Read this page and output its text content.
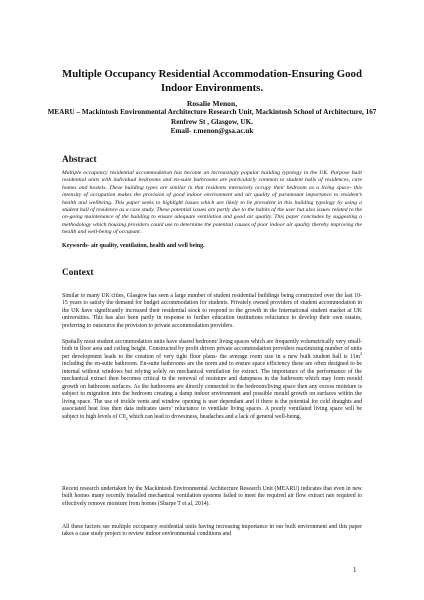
Multiple Occupancy Residential Accommodation-Ensuring Good Indoor Environments.
Rosalie Menon,
MEARU – Mackintosh Environmental Architecture Research Unit, Mackintosh School of Architecture, 167 Renfrew St , Glasgow, UK.
Email- r.menon@gsa.ac.uk
Abstract
Multiple occupancy residential accommodation has become an increasingly popular building typology in the UK. Purpose built residential units with individual bedrooms and en-suite bathrooms are particularly common to student halls of residences, care homes and hostels. These building types are similar in that residents intensively occupy their bedroom as a living space- this intensity of occupation makes the provision of good indoor environment and air quality of paramount importance to resident’s health and wellbeing. This paper seeks to highlight issues which are likely to be prevalent in this building typology by using a student hall of residence as a case study. These potential issues are partly due to the habits of the user but also issues related to the on-going maintenance of the building to ensure adequate ventilation and good air quality. This paper concludes by suggesting a methodology which housing providers could use to determine the potential causes of poor indoor air quality thereby improving the health and well-being of occupant.
Keywords- air quality, ventilation, health and well being.
Context
Similar to many UK cities, Glasgow has seen a large number of student residential buildings being constructed over the last 10-15 years to satisfy the demand for budget accommodation for students. Privately owned providers of student accommodation in the UK have significantly increased their residential stock to respond to the growth in the International student market at UK universities. This has also been partly in response to further education institutions reluctance to develop their own estates, preferring to outsource the provision to private accommodation providers.
Spatially most student accommodation units have shared bedroom/ living spaces which are frequently volumetrically very small- both in floor area and ceiling height. Constructed by profit driven private accommodation providers maximising number of units per development leads to the creation of very tight floor plans- the average room size in a new built student hall is $11m^2$ including the en-suite bathroom. En-suite bathrooms are the norm and to ensure space efficiency these are often designed to be internal without windows but relying solely on mechanical ventilation for extract. The importance of the performance of the mechanical extract then becomes critical in the removal of moisture and dampness in the bathroom which may form mould growth on bathroom surfaces. As the bathrooms are directly connected to the bedroom/living space then any excess moisture is subject to migration into the bedroom creating a damp indoor environment and possible mould growth on surfaces within the living space. The use of trickle vents and window opening is user dependant and if there is the potential for cold draughts and associated heat loss then data indicates users’ reluctance to ventilate living spaces. A poorly ventilated living space will be subject to high levels of $C0_2$ which can lead to drowsiness, headaches and a lack of general well-being.
Recent research undertaken by the Mackintosh Environmental Architecture Research Unit (MEARU) indicates that even in new built homes many recently installed mechanical ventilation systems failed to meet the required air flow extract rate required to effectively remove moisture from homes (Sharpe T et al, 2014).
All these factors see multiple occupancy residential units having increasing importance in our built environment and this paper takes a case study project to review indoor environmental conditions and
1
